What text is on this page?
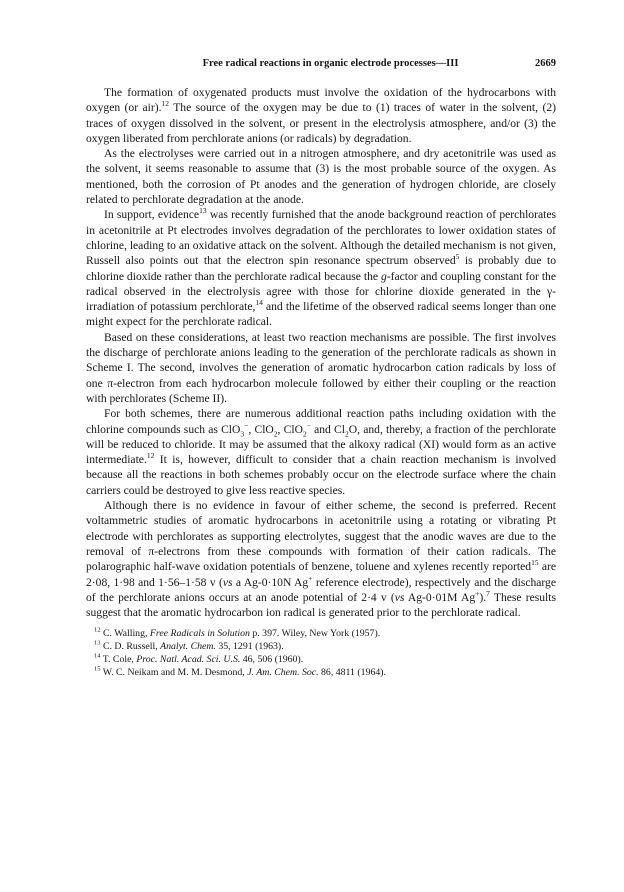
Free radical reactions in organic electrode processes—III	2669

The formation of oxygenated products must involve the oxidation of the hydrocarbons with oxygen (or air).$^{12}$ The source of the oxygen may be due to (1) traces of water in the solvent, (2) traces of oxygen dissolved in the solvent, or present in the electrolysis atmosphere, and/or (3) the oxygen liberated from perchlorate anions (or radicals) by degradation.

As the electrolyses were carried out in a nitrogen atmosphere, and dry acetonitrile was used as the solvent, it seems reasonable to assume that (3) is the most probable source of the oxygen. As mentioned, both the corrosion of Pt anodes and the generation of hydrogen chloride, are closely related to perchlorate degradation at the anode.

In support, evidence$^{13}$ was recently furnished that the anode background reaction of perchlorates in acetonitrile at Pt electrodes involves degradation of the perchlorates to lower oxidation states of chlorine, leading to an oxidative attack on the solvent. Although the detailed mechanism is not given, Russell also points out that the electron spin resonance spectrum observed$^5$ is probably due to chlorine dioxide rather than the perchlorate radical because the g-factor and coupling constant for the radical observed in the electrolysis agree with those for chlorine dioxide generated in the γ-irradiation of potassium perchlorate,$^{14}$ and the lifetime of the observed radical seems longer than one might expect for the perchlorate radical.

Based on these considerations, at least two reaction mechanisms are possible. The first involves the discharge of perchlorate anions leading to the generation of the perchlorate radicals as shown in Scheme I. The second, involves the generation of aromatic hydrocarbon cation radicals by loss of one π-electron from each hydrocarbon molecule followed by either their coupling or the reaction with perchlorates (Scheme II).

For both schemes, there are numerous additional reaction paths including oxidation with the chlorine compounds such as ClO$_3$−, ClO$_2$, ClO$_2$− and $Cl_2O$, and, thereby, a fraction of the perchlorate will be reduced to chloride. It may be assumed that the alkoxy radical (XI) would form as an active intermediate.$^{12}$ It is, however, difficult to consider that a chain reaction mechanism is involved because all the reactions in both schemes probably occur on the electrode surface where the chain carriers could be destroyed to give less reactive species.

Although there is no evidence in favour of either scheme, the second is preferred. Recent voltammetric studies of aromatic hydrocarbons in acetonitrile using a rotating or vibrating Pt electrode with perchlorates as supporting electrolytes, suggest that the anodic waves are due to the removal of π-electrons from these compounds with formation of their cation radicals. The polarographic half-wave oxidation potentials of benzene, toluene and xylenes recently reported$^{15}$ are 2·08, 1·98 and 1·56–1·58 v (vs a Ag-0·10N Ag+ reference electrode), respectively and the discharge of the perchlorate anions occurs at an anode potential of 2·4 v (vs Ag-0·01M Ag+).$^7$ These results suggest that the aromatic hydrocarbon ion radical is generated prior to the perchlorate radical.

$^{12}$ C. Walling, Free Radicals in Solution p. 397. Wiley, New York (1957).

$^{13}$ C. D. Russell, Analyt. Chem. 35, 1291 (1963).

$^{14}$ T. Cole, Proc. Natl. Acad. Sci. U.S. 46, 506 (1960).

$^{15}$ W. C. Neikam and M. M. Desmond, J. Am. Chem. Soc. 86, 4811 (1964).
